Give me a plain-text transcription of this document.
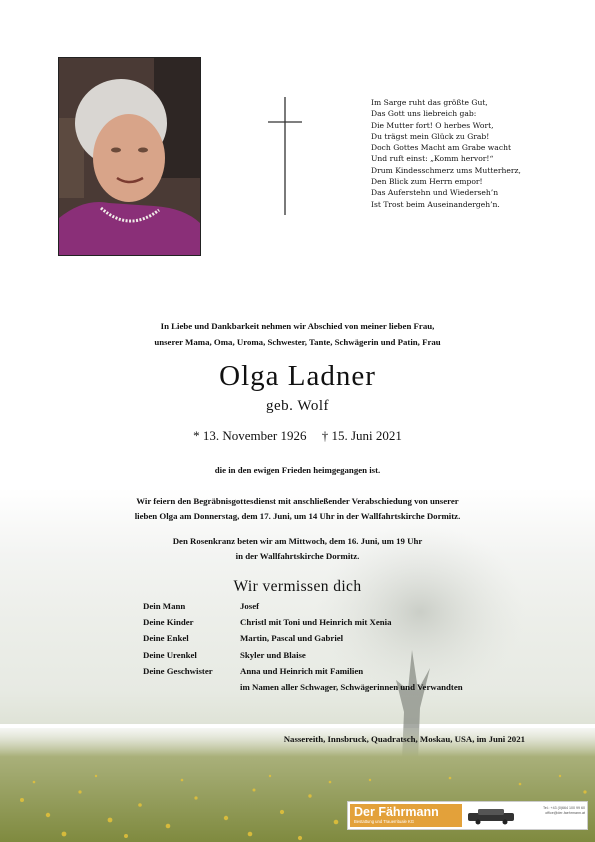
Im Sarge ruht das größte Gut,
Das Gott uns liebreich gab:
Die Mutter fort! O herbes Wort,
Du trägst mein Glück zu Grab!
Doch Gottes Macht am Grabe wacht
Und ruft einst: „Komm hervor!“
Drum Kindesschmerz ums Mutterherz,
Den Blick zum Herrn empor!
Das Auferstehn und Wiederseh’n
Ist Trost beim Auseinandergeh’n.
In Liebe und Dankbarkeit nehmen wir Abschied von meiner lieben Frau,
unserer Mama, Oma, Uroma, Schwester, Tante, Schwägerin und Patin, Frau
Olga Ladner
geb. Wolf
* 13. November 1926 † 15. Juni 2021
die in den ewigen Frieden heimgegangen ist.
Wir feiern den Begräbnisgottesdienst mit anschließender Verabschiedung von unserer
lieben Olga am Donnerstag, dem 17. Juni, um 14 Uhr in der Wallfahrtskirche Dormitz.
Den Rosenkranz beten wir am Mittwoch, dem 16. Juni, um 19 Uhr
in der Wallfahrtskirche Dormitz.
Wir vermissen dich
Dein Mann	Josef
Deine Kinder	Christl mit Toni und Heinrich mit Xenia
Deine Enkel	Martin, Pascal und Gabriel
Deine Urenkel	Skyler und Blaise
Deine Geschwister	Anna und Heinrich mit Familien
im Namen aller Schwager, Schwägerinnen und Verwandten
Nassereith, Innsbruck, Quadratsch, Moskau, USA, im Juni 2021
Der Fährmann
Bestattung und Trauerrituale KG
Tel.: +43 (0)664 100 99 60
office@der-faehrmann.at
